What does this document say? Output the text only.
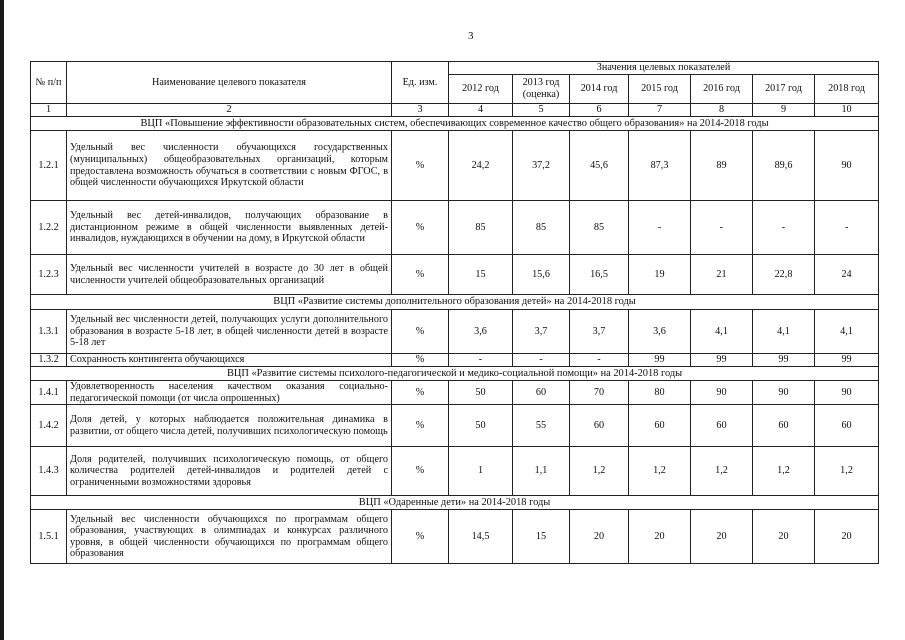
3
№ п/п	Наименование целевого показателя	Ед. изм.	Значения целевых показателей						
			2012 год	2013 год (оценка)	2014 год	2015 год	2016 год	2017 год	2018 год
1	2	3	4	5	6	7	8	9	10
ВЦП «Повышение эффективности образовательных систем, обеспечивающих современное качество общего образования» на 2014-2018 годы									
1.2.1	Удельный вес численности обучающихся государственных (муниципальных) общеобразовательных организаций, которым предоставлена возможность обучаться в соответствии с новым ФГОС, в общей численности обучающихся Иркутской области	%	24,2	37,2	45,6	87,3	89	89,6	90
1.2.2	Удельный вес детей-инвалидов, получающих образование в дистанционном режиме в общей численности выявленных детей-инвалидов, нуждающихся в обучении на дому, в Иркутской области	%	85	85	85	-	-	-	-
1.2.3	Удельный вес численности учителей в возрасте до 30 лет в общей численности учителей общеобразовательных организаций	%	15	15,6	16,5	19	21	22,8	24
ВЦП «Развитие системы дополнительного образования детей» на 2014-2018 годы									
1.3.1	Удельный вес численности детей, получающих услуги дополнительного образования в возрасте 5-18 лет, в общей численности детей в возрасте 5-18 лет	%	3,6	3,7	3,7	3,6	4,1	4,1	4,1
1.3.2	Сохранность контингента обучающихся	%	-	-	-	99	99	99	99
ВЦП «Развитие системы психолого-педагогической и медико-социальной помощи» на 2014-2018 годы									
1.4.1	Удовлетворенность населения качеством оказания социально-педагогической помощи (от числа опрошенных)	%	50	60	70	80	90	90	90
1.4.2	Доля детей, у которых наблюдается положительная динамика в развитии, от общего числа детей, получивших психологическую помощь	%	50	55	60	60	60	60	60
1.4.3	Доля родителей, получивших психологическую помощь, от общего количества родителей детей-инвалидов и родителей детей с ограниченными возможностями здоровья	%	1	1,1	1,2	1,2	1,2	1,2	1,2
ВЦП «Одаренные дети» на 2014-2018 годы									
1.5.1	Удельный вес численности обучающихся по программам общего образования, участвующих в олимпиадах и конкурсах различного уровня, в общей численности обучающихся по программам общего образования	%	14,5	15	20	20	20	20	20
